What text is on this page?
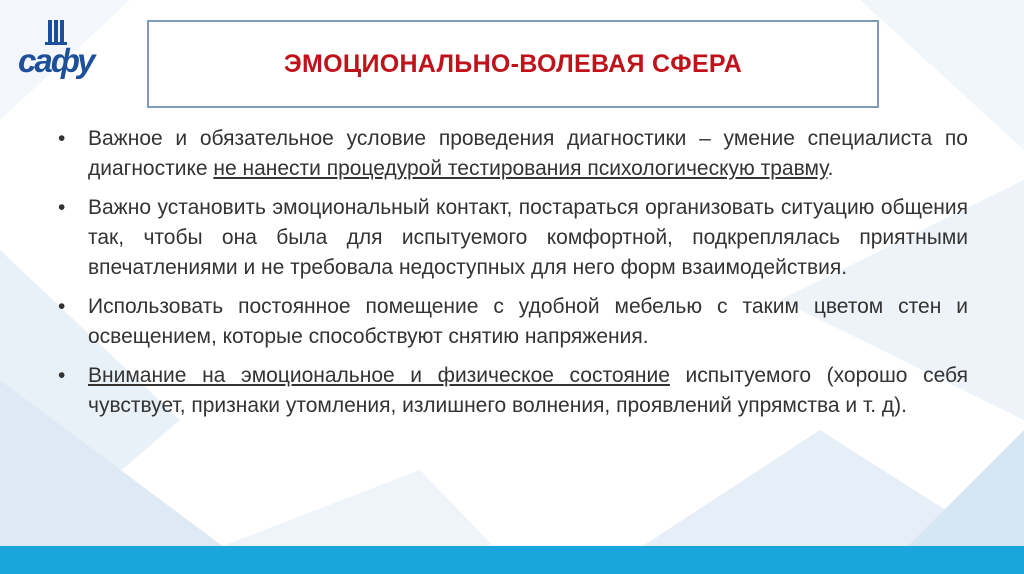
сафу	ЭМОЦИОНАЛЬНО-ВОЛЕВАЯ СФЕРА
•	Важное и обязательное условие проведения диагностики – умение специалиста по диагностике не нанести процедурой тестирования психологическую травму.
•	Важно установить эмоциональный контакт, постараться организовать ситуацию общения так, чтобы она была для испытуемого комфортной, подкреплялась приятными впечатлениями и не требовала недоступных для него форм взаимодействия.
•	Использовать постоянное помещение с удобной мебелью с таким цветом стен и освещением, которые способствуют снятию напряжения.
•	Внимание на эмоциональное и физическое состояние испытуемого (хорошо себя чувствует, признаки утомления, излишнего волнения, проявлений упрямства и т. д).
